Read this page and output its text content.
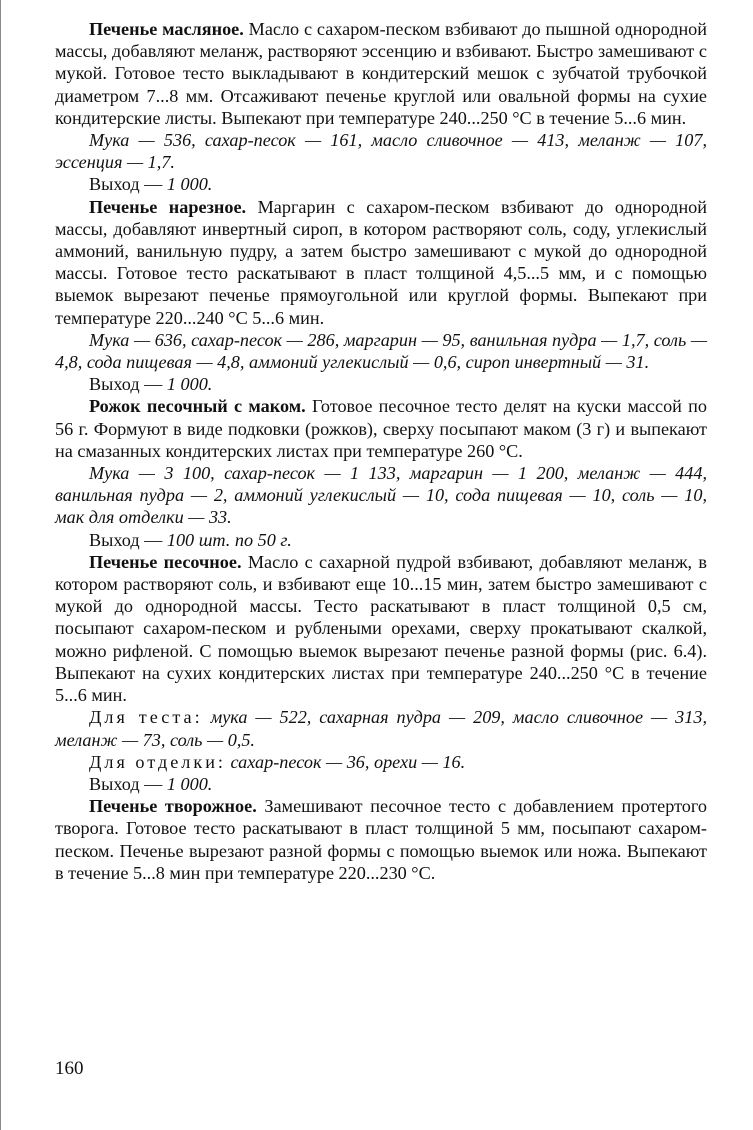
Печенье масляное. Масло с сахаром-песком взбивают до пышной однородной массы, добавляют меланж, растворяют эссенцию и взбивают. Быстро замешивают с мукой. Готовое тесто выкладывают в кондитерский мешок с зубчатой трубочкой диаметром 7...8 мм. Отсаживают печенье круглой или овальной формы на сухие кондитерские листы. Выпекают при температуре 240...250 °C в течение 5...6 мин.

Мука — 536, сахар-песок — 161, масло сливочное — 413, меланж — 107, эссенция — 1,7.

Выход — 1 000.

Печенье нарезное. Маргарин с сахаром-песком взбивают до однородной массы, добавляют инвертный сироп, в котором растворяют соль, соду, углекислый аммоний, ванильную пудру, а затем быстро замешивают с мукой до однородной массы. Готовое тесто раскатывают в пласт толщиной 4,5...5 мм, и с помощью выемок вырезают печенье прямоугольной или круглой формы. Выпекают при температуре 220...240 °C 5...6 мин.

Мука — 636, сахар-песок — 286, маргарин — 95, ванильная пудра — 1,7, соль — 4,8, сода пищевая — 4,8, аммоний углекислый — 0,6, сироп инвертный — 31.

Выход — 1 000.

Рожок песочный с маком. Готовое песочное тесто делят на куски массой по 56 г. Формуют в виде подковки (рожков), сверху посыпают маком (3 г) и выпекают на смазанных кондитерских листах при температуре 260 °C.

Мука — 3 100, сахар-песок — 1 133, маргарин — 1 200, меланж — 444, ванильная пудра — 2, аммоний углекислый — 10, сода пищевая — 10, соль — 10, мак для отделки — 33.

Выход — 100 шт. по 50 г.

Печенье песочное. Масло с сахарной пудрой взбивают, добавляют меланж, в котором растворяют соль, и взбивают еще 10...15 мин, затем быстро замешивают с мукой до однородной массы. Тесто раскатывают в пласт толщиной 0,5 см, посыпают сахаром-песком и рублеными орехами, сверху прокатывают скалкой, можно рифленой. С помощью выемок вырезают печенье разной формы (рис. 6.4). Выпекают на сухих кондитерских листах при температуре 240...250 °C в течение 5...6 мин.

Для теста: мука — 522, сахарная пудра — 209, масло сливочное — 313, меланж — 73, соль — 0,5.

Для отделки: сахар-песок — 36, орехи — 16.

Выход — 1 000.

Печенье творожное. Замешивают песочное тесто с добавлением протертого творога. Готовое тесто раскатывают в пласт толщиной 5 мм, посыпают сахаром-песком. Печенье вырезают разной формы с помощью выемок или ножа. Выпекают в течение 5...8 мин при температуре 220...230 °C.

160
